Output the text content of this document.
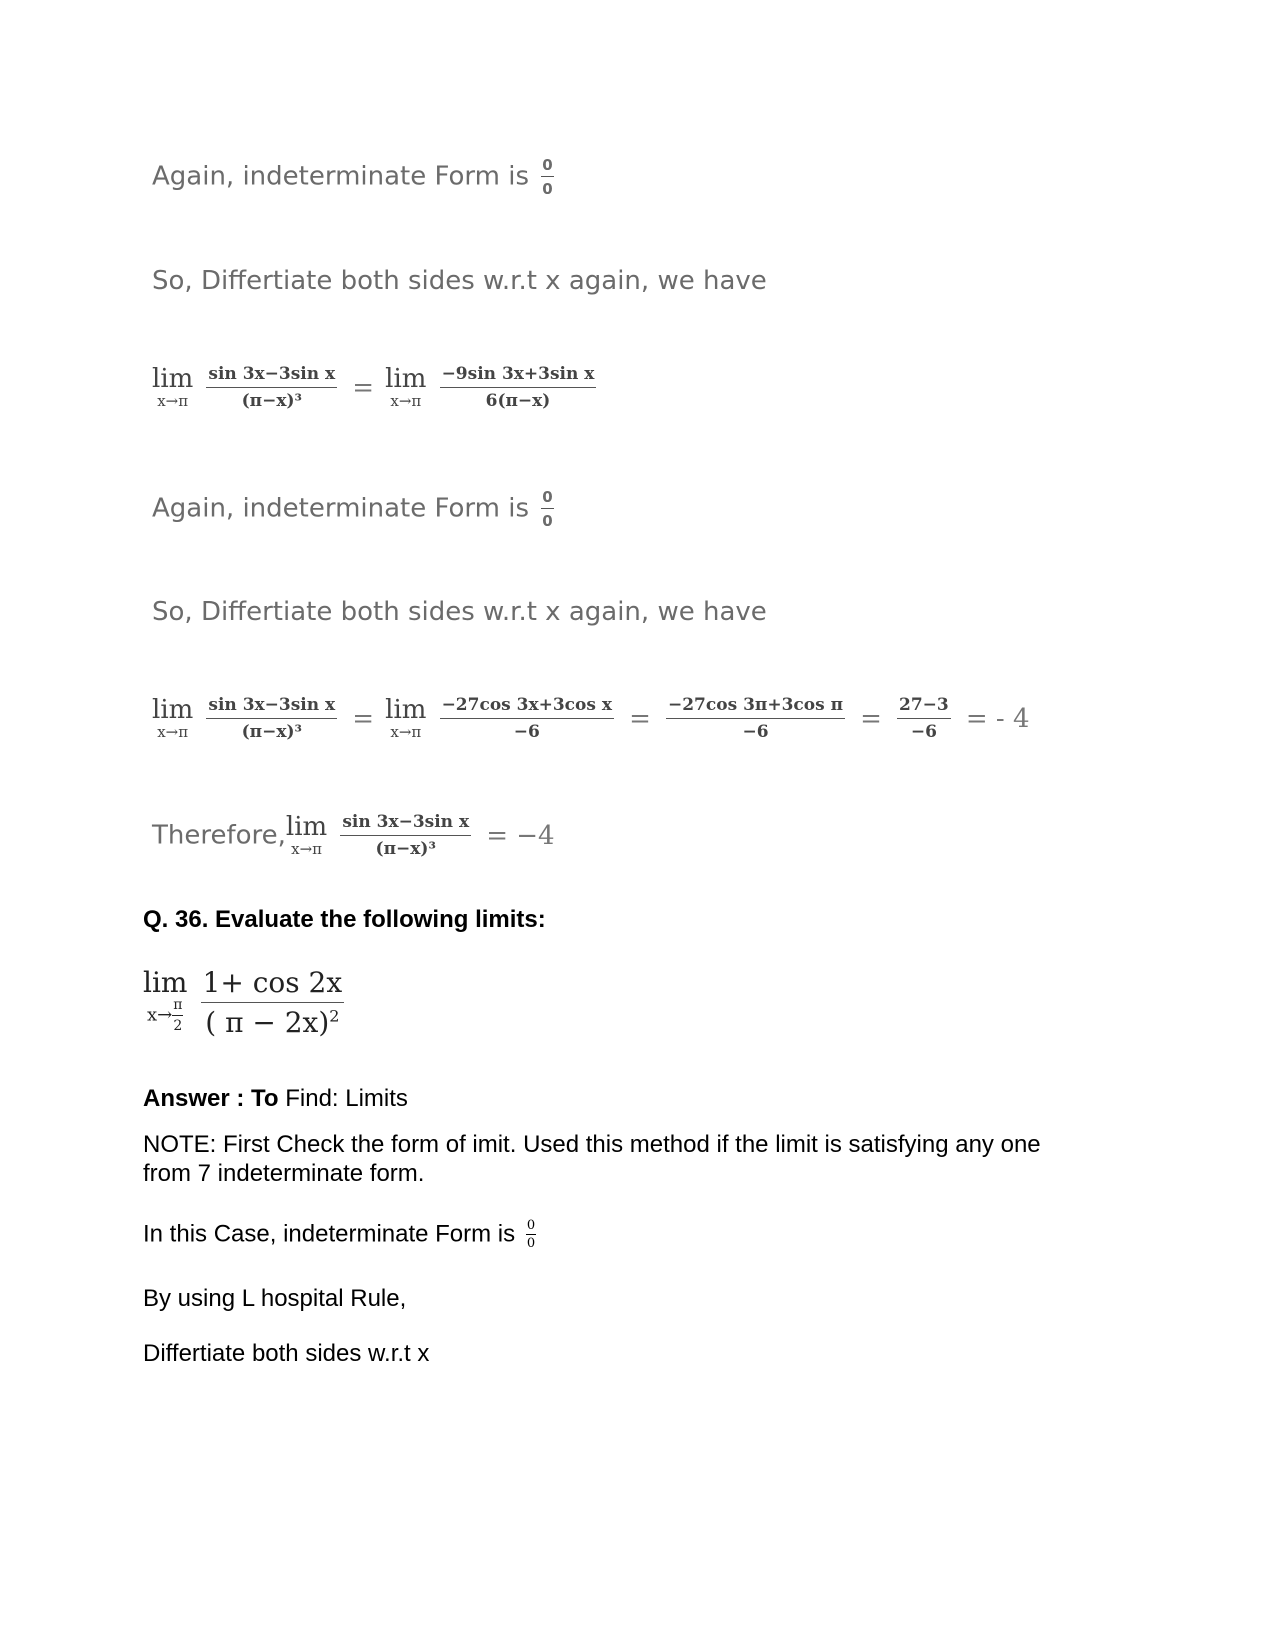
Again, indeterminate Form is $\frac{0}{0}$
So, Differtiate both sides w.r.t x again, we have
lim
x→π
$\frac{\text{sin 3x−3sin x}}{\text{(π−x)³}} = \lim$
x→π
$\frac{\text{−9sin 3x+3sin x}}{6(\pi-x)}$
Again, indeterminate Form is $\frac{0}{0}$
So, Differtiate both sides w.r.t x again, we have
lim
x→π
$\frac{\text{sin 3x−3sin x}}{\text{(π−x)³}} = \lim$
x→π
$\frac{\text{−27cos 3x+3cos x}}{-6} = \frac{\text{−27cos 3π+3cos π}}{-6} = \frac{27-3}{-6}$ = - 4
Therefore, lim
x→π
$\frac{\text{sin 3x−3sin x}}{\text{(π−x)³}} = -4$
Q. 36. Evaluate the following limits:
lim
$x\to \frac{\pi}{2}$
$\frac{1+ \cos 2x}{( \pi - 2x)^2}$
Answer : To Find: Limits
NOTE: First Check the form of imit. Used this method if the limit is satisfying any one
from 7 indeterminate form.
In this Case, indeterminate Form is $\frac{0}{0}$
By using L hospital Rule,
Differtiate both sides w.r.t x
